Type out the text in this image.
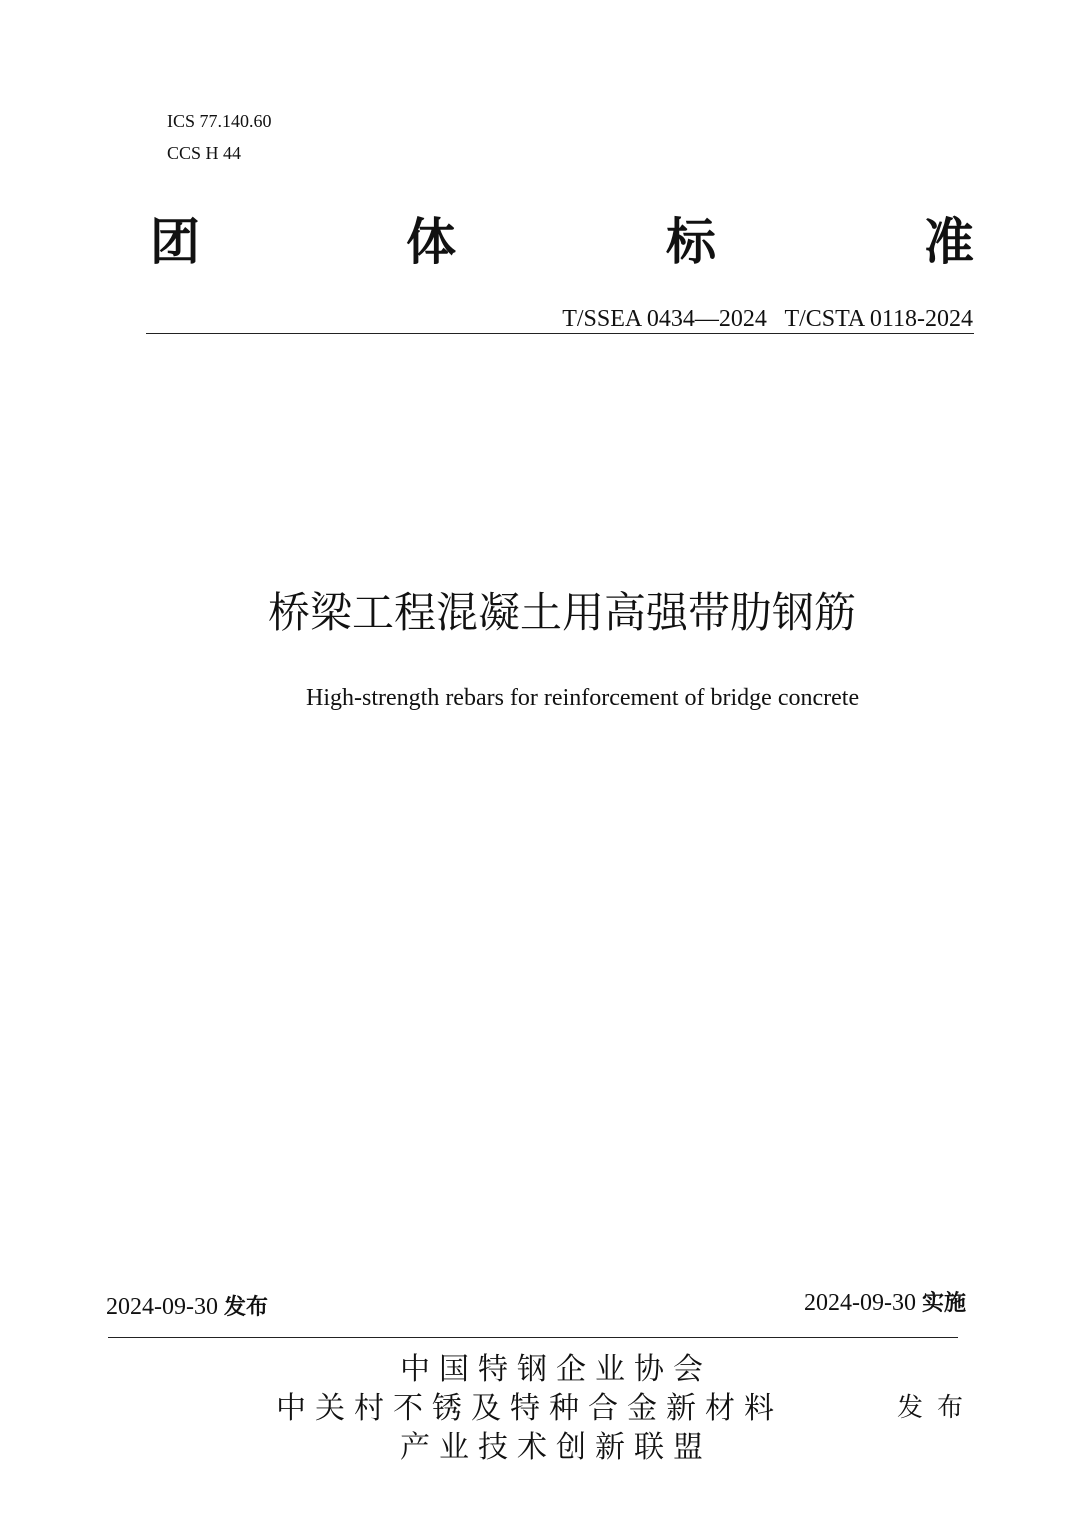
ICS 77.140.60
CCS H 44
团	体	标	准
T/SSEA 0434—2024   T/CSTA 0118-2024
桥梁工程混凝土用高强带肋钢筋
High-strength rebars for reinforcement of bridge concrete
2024-09-30 发布	2024-09-30 实施
中国特钢企业协会
中关村不锈及特种合金新材料
产业技术创新联盟
发布
